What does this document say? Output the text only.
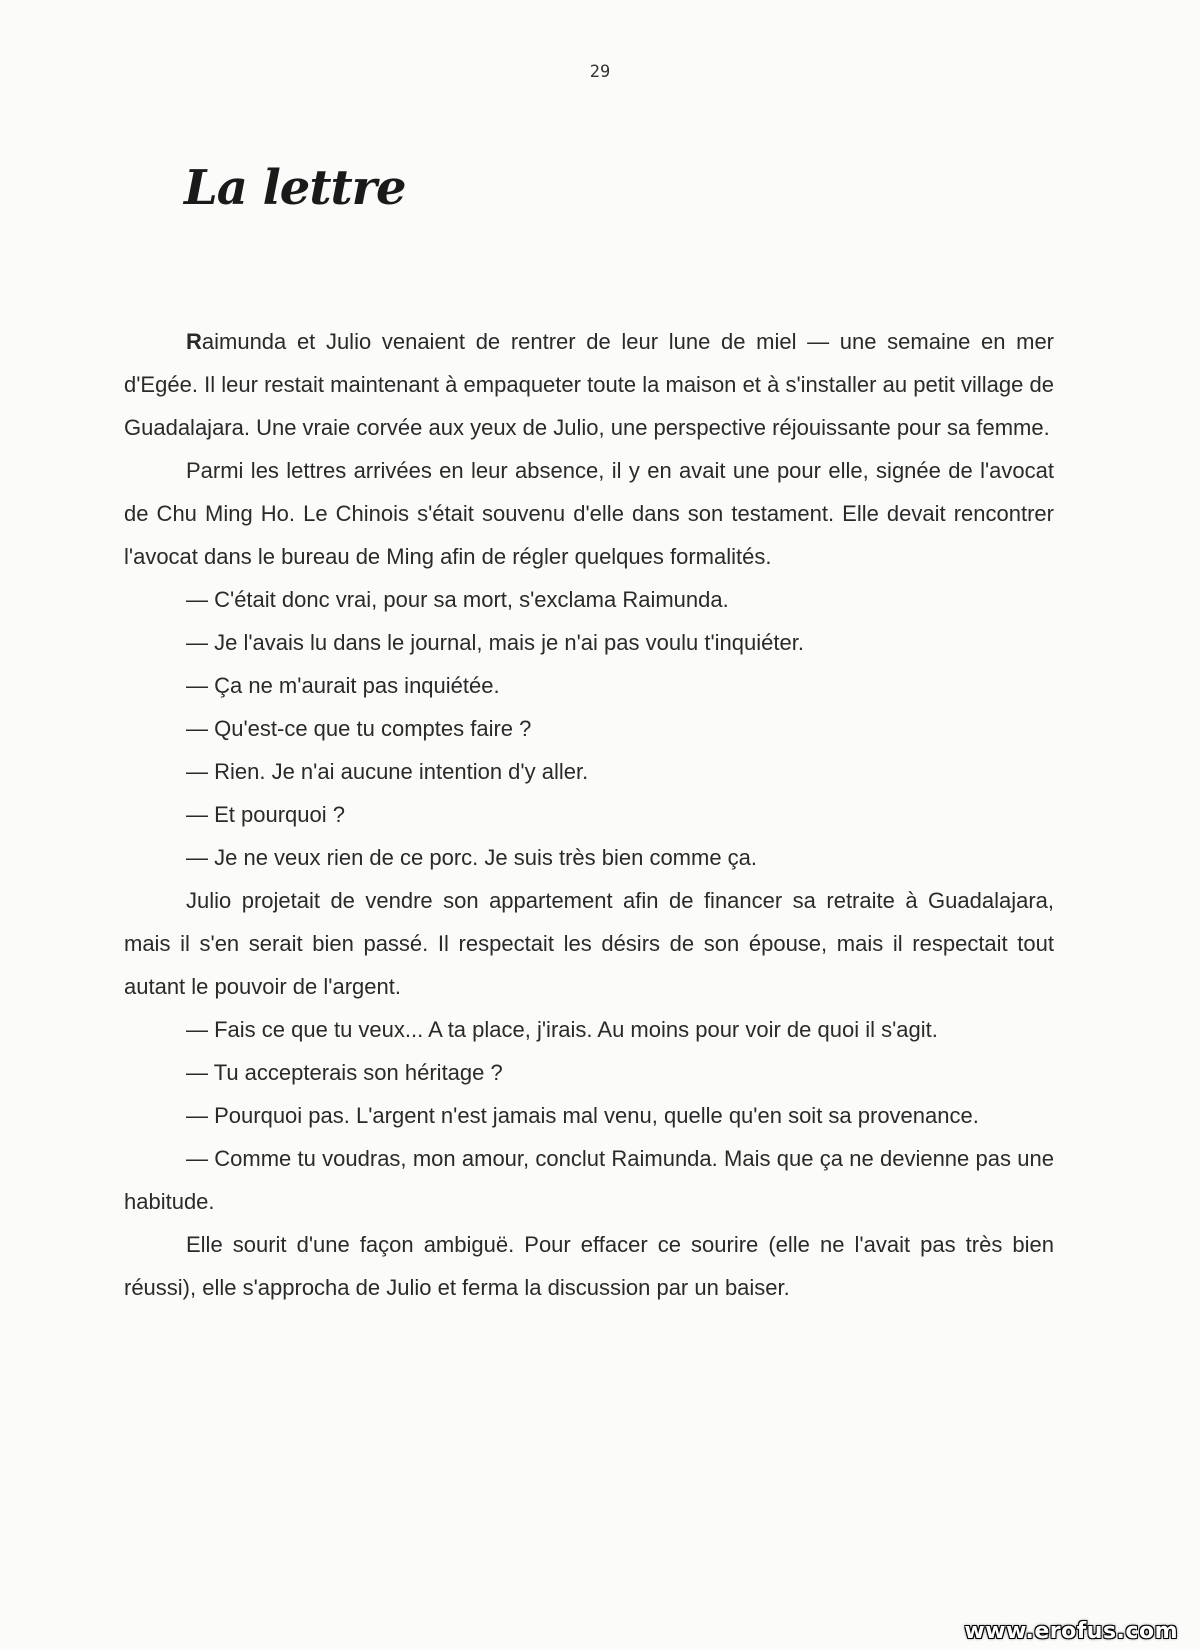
29
La lettre

Raimunda et Julio venaient de rentrer de leur lune de miel — une semaine en mer d'Egée. Il leur restait maintenant à empaqueter toute la maison et à s'installer au petit village de Guadalajara. Une vraie corvée aux yeux de Julio, une perspective réjouissante pour sa femme.

Parmi les lettres arrivées en leur absence, il y en avait une pour elle, signée de l'avocat de Chu Ming Ho. Le Chinois s'était souvenu d'elle dans son testament. Elle devait rencontrer l'avocat dans le bureau de Ming afin de régler quelques formalités.

— C'était donc vrai, pour sa mort, s'exclama Raimunda.

— Je l'avais lu dans le journal, mais je n'ai pas voulu t'inquiéter.

— Ça ne m'aurait pas inquiétée.

— Qu'est-ce que tu comptes faire ?

— Rien. Je n'ai aucune intention d'y aller.

— Et pourquoi ?

— Je ne veux rien de ce porc. Je suis très bien comme ça.

Julio projetait de vendre son appartement afin de financer sa retraite à Guadalajara, mais il s'en serait bien passé. Il respectait les désirs de son épouse, mais il respectait tout autant le pouvoir de l'argent.

— Fais ce que tu veux... A ta place, j'irais. Au moins pour voir de quoi il s'agit.

— Tu accepterais son héritage ?

— Pourquoi pas. L'argent n'est jamais mal venu, quelle qu'en soit sa provenance.

— Comme tu voudras, mon amour, conclut Raimunda. Mais que ça ne devienne pas une habitude.

Elle sourit d'une façon ambiguë. Pour effacer ce sourire (elle ne l'avait pas très bien réussi), elle s'approcha de Julio et ferma la discussion par un baiser.

www.erofus.com
